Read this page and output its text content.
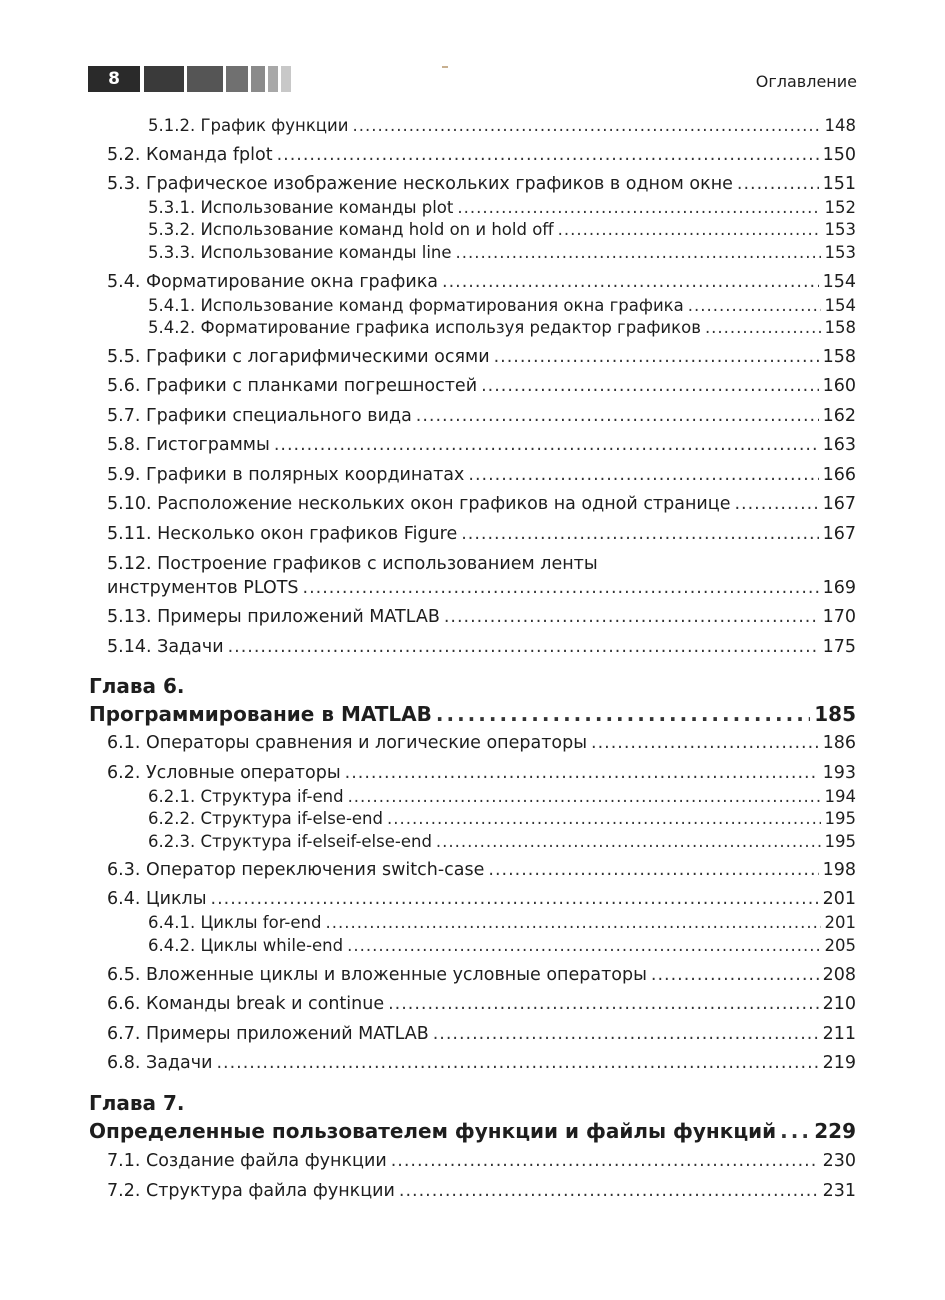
8	Оглавление
5.1.2. График функции .....	148
5.2. Команда fplot .....	150
5.3. Графическое изображение нескольких графиков в одном окне .....	151
5.3.1. Использование команды plot .....	152
5.3.2. Использование команд hold on и hold off .....	153
5.3.3. Использование команды line .....	153
5.4. Форматирование окна графика .....	154
5.4.1. Использование команд форматирования окна графика .....	154
5.4.2. Форматирование графика используя редактор графиков .....	158
5.5. Графики с логарифмическими осями .....	158
5.6. Графики с планками погрешностей .....	160
5.7. Графики специального вида .....	162
5.8. Гистограммы .....	163
5.9. Графики в полярных координатах .....	166
5.10. Расположение нескольких окон графиков на одной странице .....	167
5.11. Несколько окон графиков Figure .....	167
5.12. Построение графиков с использованием ленты
инструментов PLOTS .....	169
5.13. Примеры приложений MATLAB .....	170
5.14. Задачи .....	175
Глава 6.
Программирование в MATLAB .....	185
6.1. Операторы сравнения и логические операторы .....	186
6.2. Условные операторы .....	193
6.2.1. Структура if-end .....	194
6.2.2. Структура if-else-end .....	195
6.2.3. Структура if-elseif-else-end .....	195
6.3. Оператор переключения switch-case .....	198
6.4. Циклы .....	201
6.4.1. Циклы for-end .....	201
6.4.2. Циклы while-end .....	205
6.5. Вложенные циклы и вложенные условные операторы .....	208
6.6. Команды break и continue .....	210
6.7. Примеры приложений MATLAB .....	211
6.8. Задачи .....	219
Глава 7.
Определенные пользователем функции и файлы функций ..... 229
7.1. Создание файла функции .....	230
7.2. Структура файла функции .....	231
